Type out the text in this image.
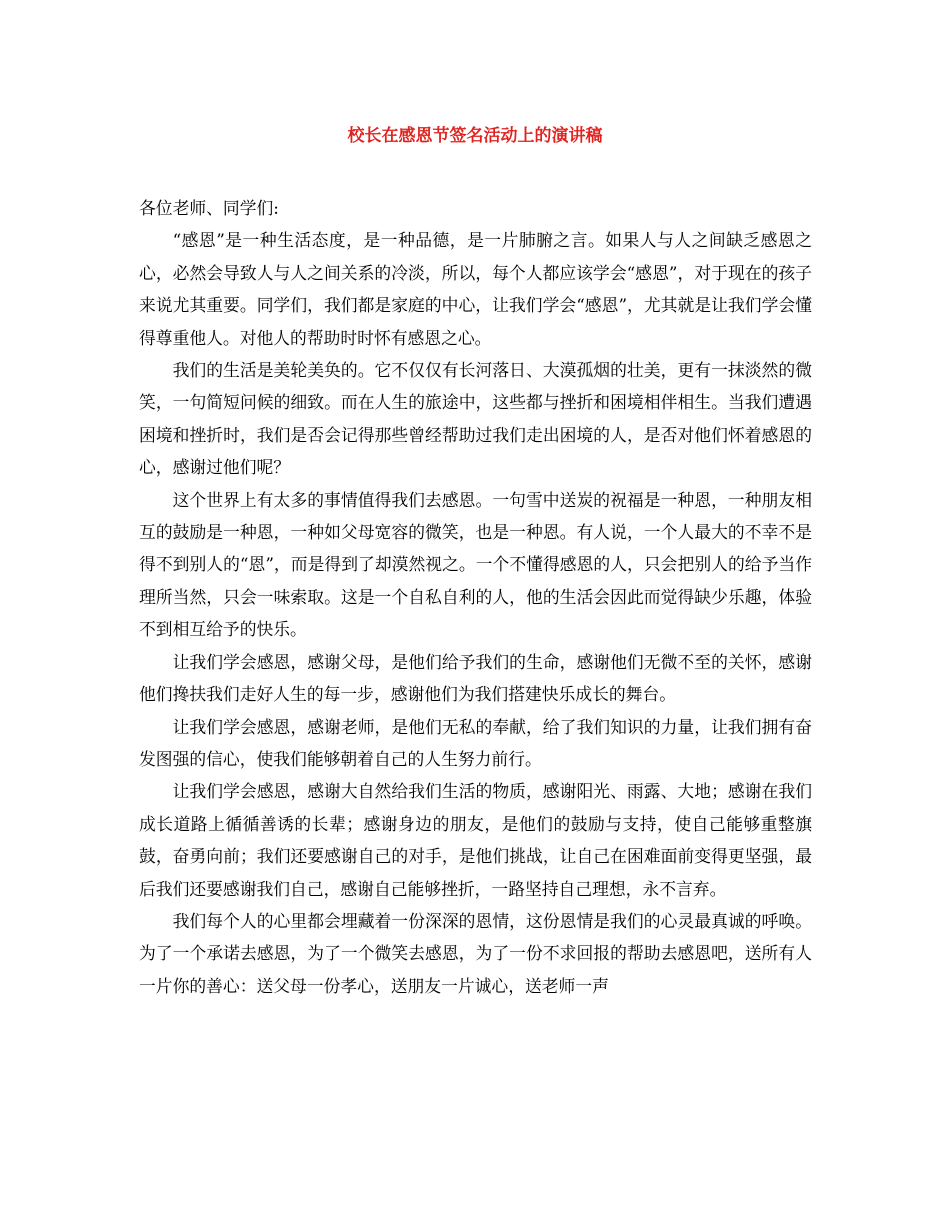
校长在感恩节签名活动上的演讲稿

各位老师、同学们:

“感恩”是一种生活态度，是一种品德，是一片肺腑之言。如果人与人之间缺乏感恩之心，必然会导致人与人之间关系的冷淡，所以，每个人都应该学会“感恩”，对于现在的孩子来说尤其重要。同学们，我们都是家庭的中心，让我们学会“感恩”，尤其就是让我们学会懂得尊重他人。对他人的帮助时时怀有感恩之心。

我们的生活是美轮美奂的。它不仅仅有长河落日、大漠孤烟的壮美，更有一抹淡然的微笑，一句简短问候的细致。而在人生的旅途中，这些都与挫折和困境相伴相生。当我们遭遇困境和挫折时，我们是否会记得那些曾经帮助过我们走出困境的人，是否对他们怀着感恩的心，感谢过他们呢？

这个世界上有太多的事情值得我们去感恩。一句雪中送炭的祝福是一种恩，一种朋友相互的鼓励是一种恩，一种如父母宽容的微笑，也是一种恩。有人说，一个人最大的不幸不是得不到别人的“恩”，而是得到了却漠然视之。一个不懂得感恩的人，只会把别人的给予当作理所当然，只会一味索取。这是一个自私自利的人，他的生活会因此而觉得缺少乐趣，体验不到相互给予的快乐。

让我们学会感恩，感谢父母，是他们给予我们的生命，感谢他们无微不至的关怀，感谢他们搀扶我们走好人生的每一步，感谢他们为我们搭建快乐成长的舞台。

让我们学会感恩，感谢老师，是他们无私的奉献，给了我们知识的力量，让我们拥有奋发图强的信心，使我们能够朝着自己的人生努力前行。

让我们学会感恩，感谢大自然给我们生活的物质，感谢阳光、雨露、大地；感谢在我们成长道路上循循善诱的长辈；感谢身边的朋友，是他们的鼓励与支持，使自己能够重整旗鼓，奋勇向前；我们还要感谢自己的对手，是他们挑战，让自己在困难面前变得更坚强，最后我们还要感谢我们自己，感谢自己能够挫折，一路坚持自己理想，永不言弃。

我们每个人的心里都会埋藏着一份深深的恩情，这份恩情是我们的心灵最真诚的呼唤。为了一个承诺去感恩，为了一个微笑去感恩，为了一份不求回报的帮助去感恩吧，送所有人一片你的善心：送父母一份孝心，送朋友一片诚心，送老师一声
